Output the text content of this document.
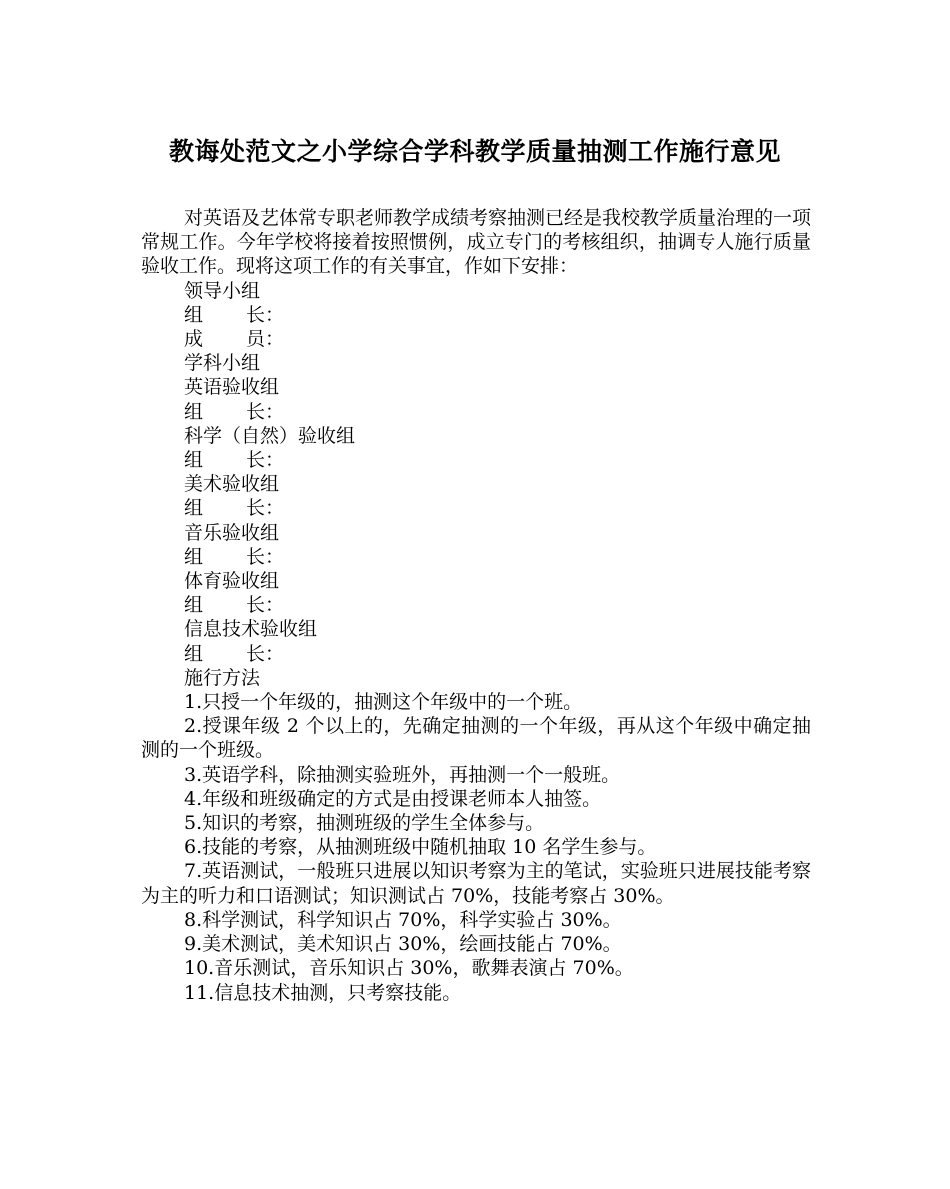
教诲处范文之小学综合学科教学质量抽测工作施行意见

对英语及艺体常专职老师教学成绩考察抽测已经是我校教学质量治理的一项常规工作。今年学校将接着按照惯例，成立专门的考核组织，抽调专人施行质量验收工作。现将这项工作的有关事宜，作如下安排：

领导小组

组 长：

成 员：

学科小组

英语验收组

组 长：

科学（自然）验收组

组 长：

美术验收组

组 长：

音乐验收组

组 长：

体育验收组

组 长：

信息技术验收组

组 长：

施行方法

1.只授一个年级的，抽测这个年级中的一个班。

2.授课年级 2 个以上的，先确定抽测的一个年级，再从这个年级中确定抽测的一个班级。

3.英语学科，除抽测实验班外，再抽测一个一般班。

4.年级和班级确定的方式是由授课老师本人抽签。

5.知识的考察，抽测班级的学生全体参与。

6.技能的考察，从抽测班级中随机抽取 10 名学生参与。

7.英语测试，一般班只进展以知识考察为主的笔试，实验班只进展技能考察为主的听力和口语测试；知识测试占 70%，技能考察占 30%。

8.科学测试，科学知识占 70%，科学实验占 30%。

9.美术测试，美术知识占 30%，绘画技能占 70%。

10.音乐测试，音乐知识占 30%，歌舞表演占 70%。

11.信息技术抽测，只考察技能。
